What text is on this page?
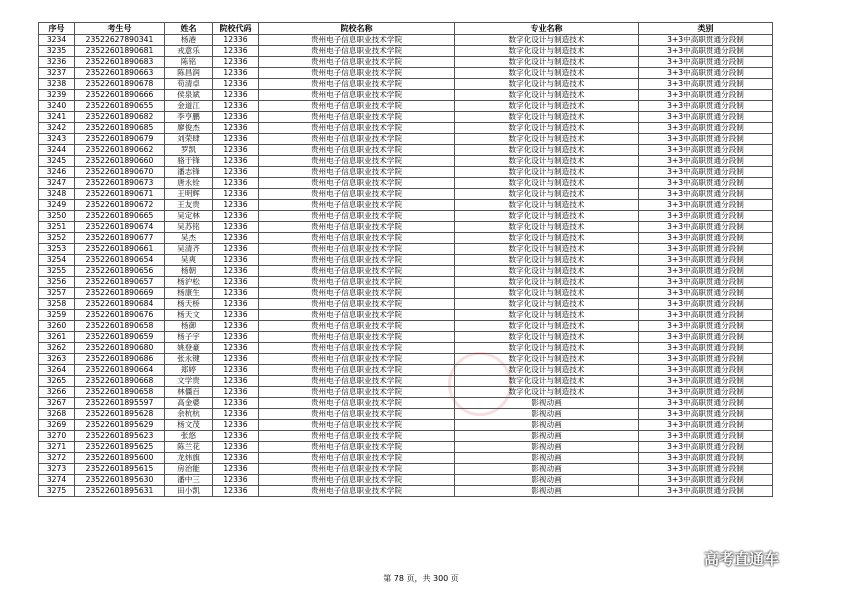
序号	考生号	姓名	院校代码	院校名称	专业名称	类别
3234	23522627890341	杨港	12336	贵州电子信息职业技术学院	数字化设计与制造技术	3+3中高职贯通分段制
3235	23522601890681	戎意乐	12336	贵州电子信息职业技术学院	数字化设计与制造技术	3+3中高职贯通分段制
3236	23522601890683	陈铭	12336	贵州电子信息职业技术学院	数字化设计与制造技术	3+3中高职贯通分段制
3237	23522601890663	陈昌润	12336	贵州电子信息职业技术学院	数字化设计与制造技术	3+3中高职贯通分段制
3238	23522601890678	苟清卓	12336	贵州电子信息职业技术学院	数字化设计与制造技术	3+3中高职贯通分段制
3239	23522601890666	侯泉斌	12336	贵州电子信息职业技术学院	数字化设计与制造技术	3+3中高职贯通分段制
3240	23522601890655	金道江	12336	贵州电子信息职业技术学院	数字化设计与制造技术	3+3中高职贯通分段制
3241	23522601890682	李亨鹏	12336	贵州电子信息职业技术学院	数字化设计与制造技术	3+3中高职贯通分段制
3242	23522601890685	廖俊杰	12336	贵州电子信息职业技术学院	数字化设计与制造技术	3+3中高职贯通分段制
3243	23522601890679	刘荣肆	12336	贵州电子信息职业技术学院	数字化设计与制造技术	3+3中高职贯通分段制
3244	23522601890662	罗凯	12336	贵州电子信息职业技术学院	数字化设计与制造技术	3+3中高职贯通分段制
3245	23522601890660	骆于锋	12336	贵州电子信息职业技术学院	数字化设计与制造技术	3+3中高职贯通分段制
3246	23522601890670	潘志锋	12336	贵州电子信息职业技术学院	数字化设计与制造技术	3+3中高职贯通分段制
3247	23522601890673	唐永铨	12336	贵州电子信息职业技术学院	数字化设计与制造技术	3+3中高职贯通分段制
3248	23522601890671	王明辉	12336	贵州电子信息职业技术学院	数字化设计与制造技术	3+3中高职贯通分段制
3249	23522601890672	王友贵	12336	贵州电子信息职业技术学院	数字化设计与制造技术	3+3中高职贯通分段制
3250	23522601890665	吴定林	12336	贵州电子信息职业技术学院	数字化设计与制造技术	3+3中高职贯通分段制
3251	23522601890674	吴苏铭	12336	贵州电子信息职业技术学院	数字化设计与制造技术	3+3中高职贯通分段制
3252	23522601890677	吴杰	12336	贵州电子信息职业技术学院	数字化设计与制造技术	3+3中高职贯通分段制
3253	23522601890661	吴清齐	12336	贵州电子信息职业技术学院	数字化设计与制造技术	3+3中高职贯通分段制
3254	23522601890654	吴爽	12336	贵州电子信息职业技术学院	数字化设计与制造技术	3+3中高职贯通分段制
3255	23522601890656	杨朝	12336	贵州电子信息职业技术学院	数字化设计与制造技术	3+3中高职贯通分段制
3256	23522601890657	杨沪松	12336	贵州电子信息职业技术学院	数字化设计与制造技术	3+3中高职贯通分段制
3257	23522601890669	杨康生	12336	贵州电子信息职业技术学院	数字化设计与制造技术	3+3中高职贯通分段制
3258	23522601890684	杨天桥	12336	贵州电子信息职业技术学院	数字化设计与制造技术	3+3中高职贯通分段制
3259	23522601890676	杨天文	12336	贵州电子信息职业技术学院	数字化设计与制造技术	3+3中高职贯通分段制
3260	23522601890658	杨御	12336	贵州电子信息职业技术学院	数字化设计与制造技术	3+3中高职贯通分段制
3261	23522601890659	杨子宇	12336	贵州电子信息职业技术学院	数字化设计与制造技术	3+3中高职贯通分段制
3262	23522601890680	姚登豪	12336	贵州电子信息职业技术学院	数字化设计与制造技术	3+3中高职贯通分段制
3263	23522601890686	张永键	12336	贵州电子信息职业技术学院	数字化设计与制造技术	3+3中高职贯通分段制
3264	23522601890664	郑婷	12336	贵州电子信息职业技术学院	数字化设计与制造技术	3+3中高职贯通分段制
3265	23522601890668	文学贵	12336	贵州电子信息职业技术学院	数字化设计与制造技术	3+3中高职贯通分段制
3266	23522601890658	林僵百	12336	贵州电子信息职业技术学院	数字化设计与制造技术	3+3中高职贯通分段制
3267	23522601895597	高金婆	12336	贵州电子信息职业技术学院	影视动画	3+3中高职贯通分段制
3268	23522601895628	余杭杭	12336	贵州电子信息职业技术学院	影视动画	3+3中高职贯通分段制
3269	23522601895629	杨文茂	12336	贵州电子信息职业技术学院	影视动画	3+3中高职贯通分段制
3270	23522601895623	张悠	12336	贵州电子信息职业技术学院	影视动画	3+3中高职贯通分段制
3271	23522601895625	陈兰花	12336	贵州电子信息职业技术学院	影视动画	3+3中高职贯通分段制
3272	23522601895600	龙炜旗	12336	贵州电子信息职业技术学院	影视动画	3+3中高职贯通分段制
3273	23522601895615	房治能	12336	贵州电子信息职业技术学院	影视动画	3+3中高职贯通分段制
3274	23522601895630	潘中三	12336	贵州电子信息职业技术学院	影视动画	3+3中高职贯通分段制
3275	23522601895631	田小凯	12336	贵州电子信息职业技术学院	影视动画	3+3中高职贯通分段制
第 78 页，共 300 页
高考直通车
